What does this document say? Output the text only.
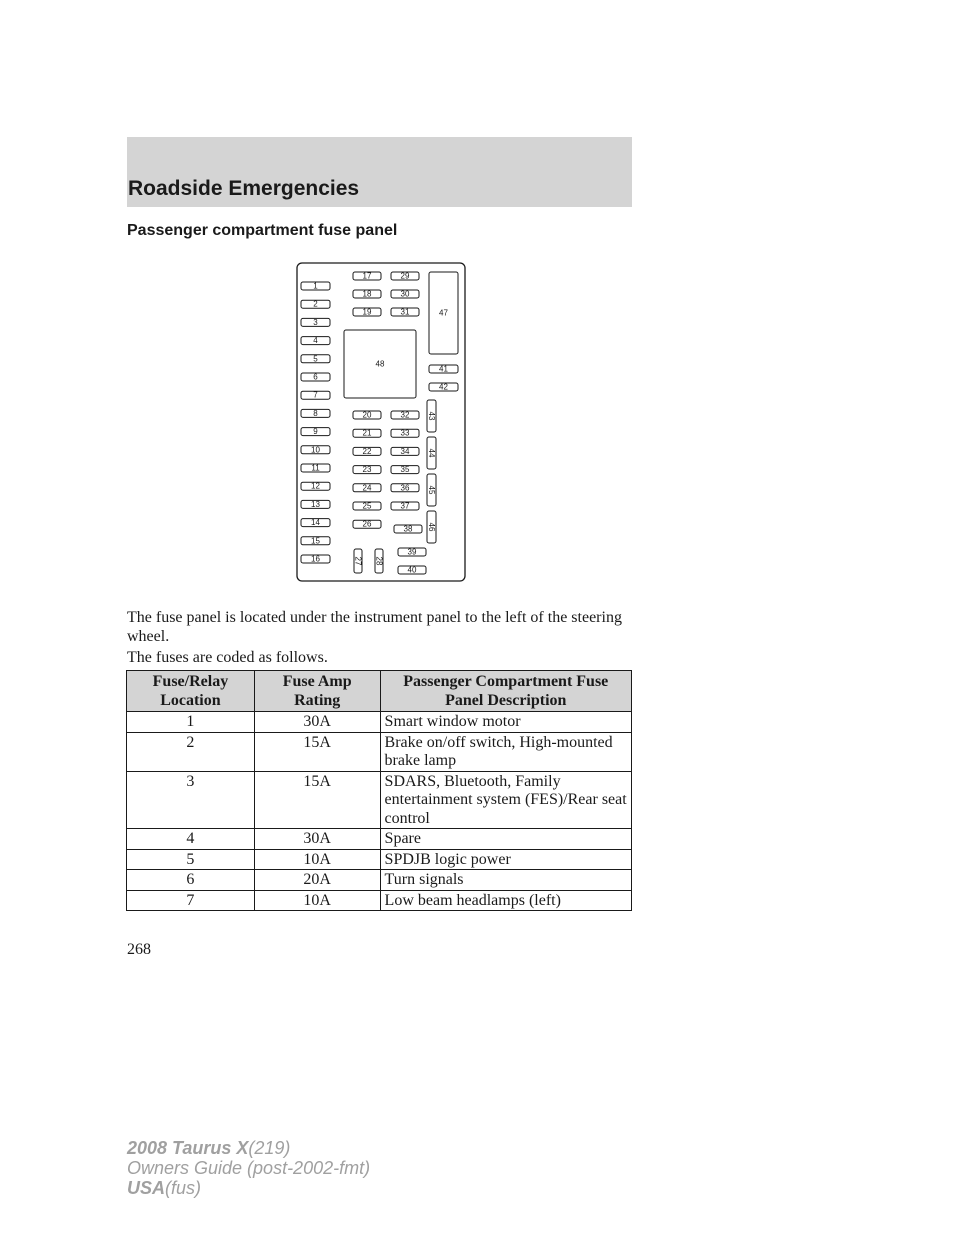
Roadside Emergencies
Passenger compartment fuse panel
1
2
3
4
5
6
7
8
9
10
11
12
13
14
15
16
17
18
19
29
30
31
20
21
22
23
24
25
26
32
33
34
35
36
37
38
39
40
27 28
41
42
43
44
45
46
47
48

The fuse panel is located under the instrument panel to the left of the steering wheel.

The fuses are coded as follows.

Fuse/Relay Location	Fuse Amp Rating	Passenger Compartment Fuse Panel Description
1	30A	Smart window motor
2	15A	Brake on/off switch, High-mounted brake lamp
3	15A	SDARS, Bluetooth, Family entertainment system (FES)/Rear seat control
4	30A	Spare
5	10A	SPDJB logic power
6	20A	Turn signals
7	10A	Low beam headlamps (left)
268
2008 Taurus X(219)
Owners Guide (post-2002-fmt)
USA(fus)
